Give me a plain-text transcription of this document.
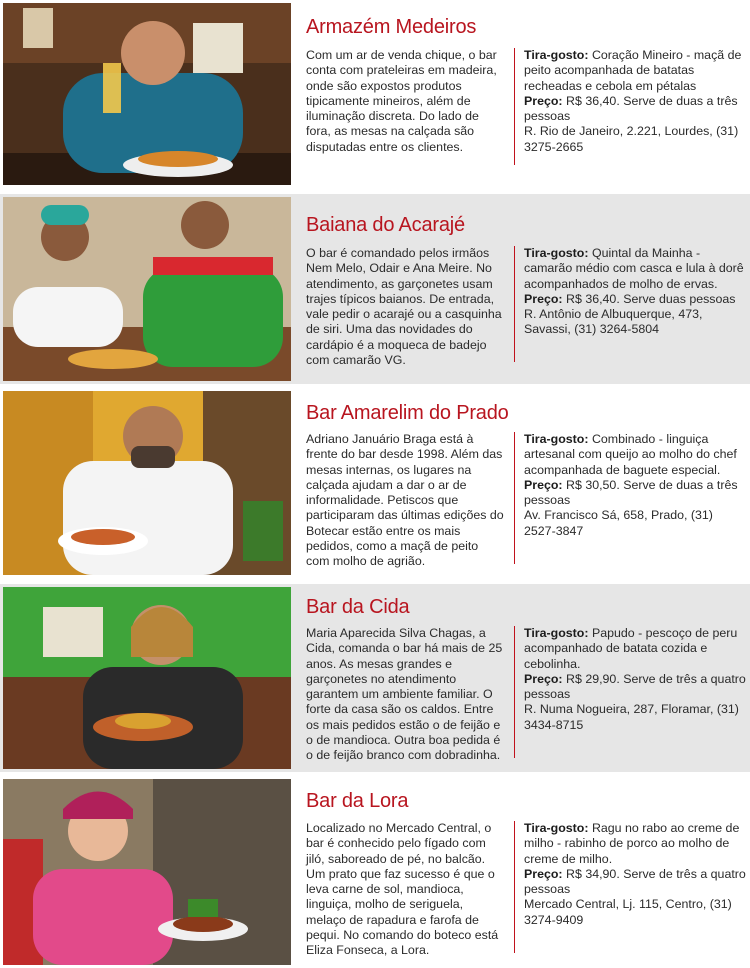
Armazém Medeiros
Com um ar de venda chique, o bar conta com prateleiras em madeira, onde são expostos produtos tipicamente mineiros, além de iluminação discreta. Do lado de fora, as mesas na calçada são disputadas entre os clientes.

Tira-gosto: Coração Mineiro - maçã de peito acompanhada de batatas recheadas e cebola em pétalas

Preço: R$ 36,40. Serve de duas a três pessoas

R. Rio de Janeiro, 2.221, Lourdes, (31) 3275-2665

Baiana do Acarajé
O bar é comandado pelos irmãos Nem Melo, Odair e Ana Meire. No atendimento, as garçonetes usam trajes típicos baianos. De entrada, vale pedir o acarajé ou a casquinha de siri. Uma das novidades do cardápio é a moqueca de badejo com camarão VG.

Tira-gosto: Quintal da Mainha - camarão médio com casca e lula à dorê acompanhados de molho de ervas.

Preço: R$ 36,40. Serve duas pessoas

R. Antônio de Albuquerque, 473, Savassi, (31) 3264-5804

Bar Amarelim do Prado
Adriano Januário Braga está à frente do bar desde 1998. Além das mesas internas, os lugares na calçada ajudam a dar o ar de informalidade. Petiscos que participaram das últimas edições do Botecar estão entre os mais pedidos, como a maçã de peito com molho de agrião.

Tira-gosto: Combinado - linguiça artesanal com queijo ao molho do chef acompanhada de baguete especial.

Preço: R$ 30,50. Serve de duas a três pessoas

Av. Francisco Sá, 658, Prado, (31) 2527-3847

Bar da Cida
Maria Aparecida Silva Chagas, a Cida, comanda o bar há mais de 25 anos. As mesas grandes e garçonetes no atendimento garantem um ambiente familiar. O forte da casa são os caldos. Entre os mais pedidos estão o de feijão e o de mandioca. Outra boa pedida é o de feijão branco com dobradinha.

Tira-gosto: Papudo - pescoço de peru acompanhado de batata cozida e cebolinha.

Preço: R$ 29,90. Serve de três a quatro pessoas

R. Numa Nogueira, 287, Floramar, (31) 3434-8715

Bar da Lora
Localizado no Mercado Central, o bar é conhecido pelo fígado com jiló, saboreado de pé, no balcão. Um prato que faz sucesso é que o leva carne de sol, mandioca, linguiça, molho de seriguela, melaço de rapadura e farofa de pequi. No comando do boteco está Eliza Fonseca, a Lora.

Tira-gosto: Ragu no rabo ao creme de milho - rabinho de porco ao molho de creme de milho.

Preço: R$ 34,90. Serve de três a quatro pessoas

Mercado Central, Lj. 115, Centro, (31) 3274-9409
